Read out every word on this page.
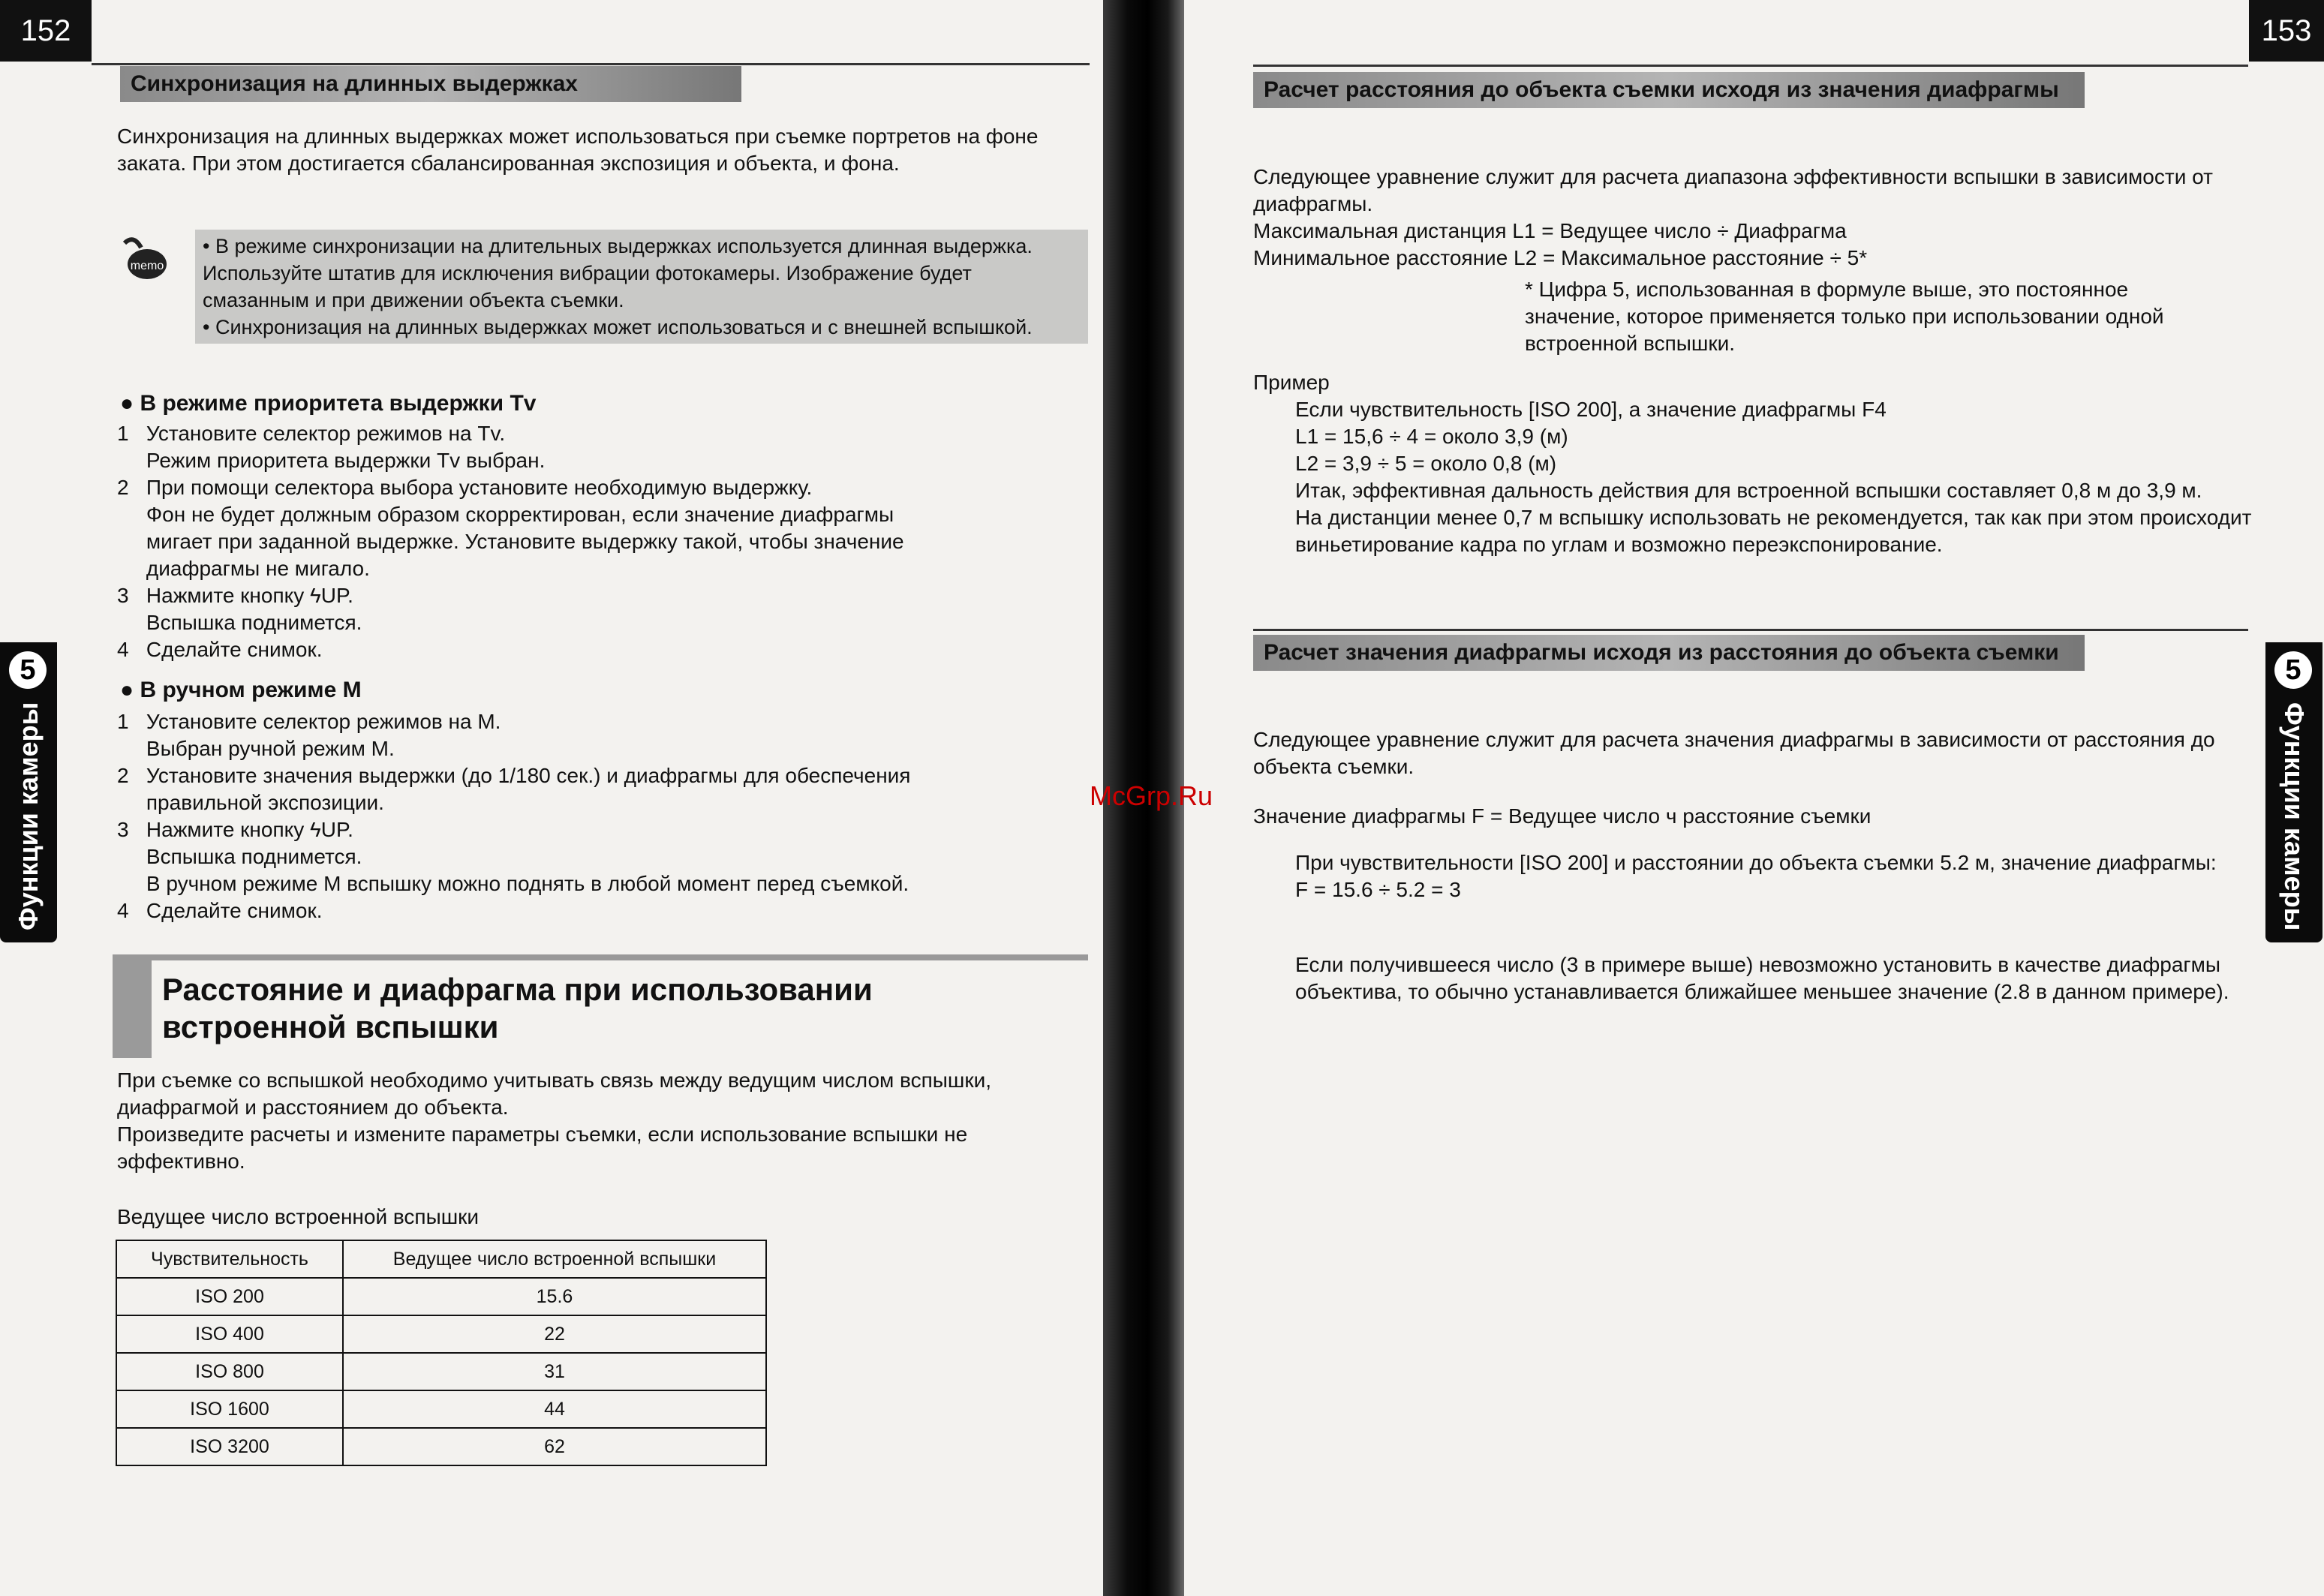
152
5
Функции камеры
Синхронизация на длинных выдержках

Синхронизация на длинных выдержках может использоваться при съемке портретов на фоне заката. При этом достигается сбалансированная экспозиция и объекта, и фона.

memo
• В режиме синхронизации на длительных выдержках используется длинная выдержка. Используйте штатив для исключения вибрации фотокамеры. Изображение будет смазанным и при движении объекта съемки.
• Синхронизация на длинных выдержках может использоваться и с внешней вспышкой.
● В режиме приоритета выдержки Tv

1   Установите селектор режимов на Tv.
Режим приоритета выдержки Tv выбран.
2   При помощи селектора выбора установите необходимую выдержку.
Фон не будет должным образом скорректирован, если значение диафрагмы
мигает при заданной выдержке. Установите выдержку такой, чтобы значение
диафрагмы не мигало.
3   Нажмите кнопку ϟUP.
Вспышка поднимется.
4   Сделайте снимок.

● В ручном режиме M

1   Установите селектор режимов на M.
Выбран ручной режим M.
2   Установите значения выдержки (до 1/180 сек.) и диафрагмы для обеспечения
правильной экспозиции.
3   Нажмите кнопку ϟUP.
Вспышка поднимется.
В ручном режиме M вспышку можно поднять в любой момент перед съемкой.
4   Сделайте снимок.

Расстояние и диафрагма при использовании встроенной вспышки

При съемке со вспышкой необходимо учитывать связь между ведущим числом вспышки, диафрагмой и расстоянием до объекта.
Произведите расчеты и измените параметры съемки, если использование вспышки не эффективно.

Ведущее число встроенной вспышки
Чувствительность	Ведущее число встроенной вспышки
ISO 200	15.6
ISO 400	22
ISO 800	31
ISO 1600	44
ISO 3200	62
153
5
Функции камеры
Расчет расстояния до объекта съемки исходя из значения диафрагмы

Следующее уравнение служит для расчета диапазона эффективности вспышки в зависимости от диафрагмы.
Максимальная дистанция L1 = Ведущее число ÷ Диафрагма
Минимальное расстояние L2 = Максимальное расстояние ÷ 5*

* Цифра 5, использованная в формуле выше, это постоянное значение, которое применяется только при использовании одной встроенной вспышки.

Пример

Если чувствительность [ISO 200], а значение диафрагмы F4
L1 = 15,6 ÷ 4 = около 3,9 (м)
L2 = 3,9 ÷ 5 = около 0,8 (м)
Итак, эффективная дальность действия для встроенной вспышки составляет 0,8 м до 3,9 м.
На дистанции менее 0,7 м вспышку использовать не рекомендуется, так как при этом происходит виньетирование кадра по углам и возможно переэкспонирование.

Расчет значения диафрагмы исходя из расстояния до объекта съемки

Следующее уравнение служит для расчета значения диафрагмы в зависимости от расстояния до объекта съемки.

Значение диафрагмы F = Ведущее число ч расстояние съемки

При чувствительности [ISO 200] и расстоянии до объекта съемки 5.2 м, значение диафрагмы:
F = 15.6 ÷ 5.2 = 3

Если получившееся число (3 в примере выше) невозможно установить в качестве диафрагмы объектива, то обычно устанавливается ближайшее меньшее значение (2.8 в данном примере).

McGrp.Ru
